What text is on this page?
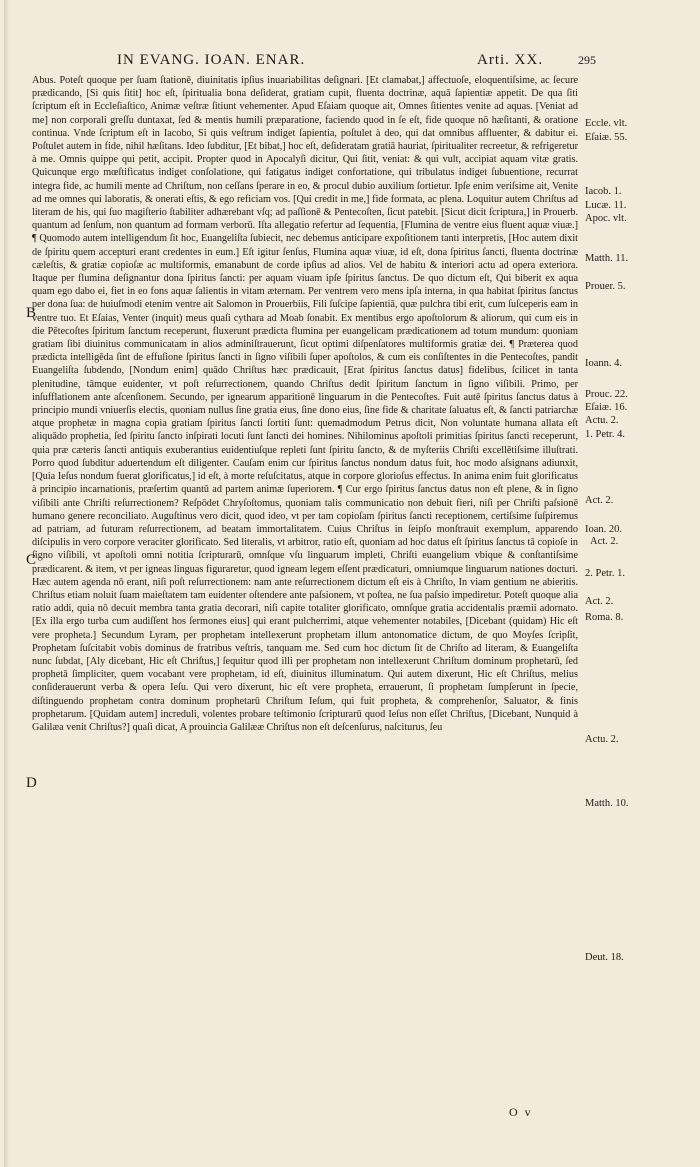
IN EVANG. IOAN. ENAR.	Arti. XX.	295

Abus. Poteſt quoque per ſuam ſtationē, diuinitatis ipſius inuariabilitas deſignari. [Et clamabat,] affectuoſe, eloquentiſsime, ac ſecure prædicando, [Si quis ſitit] hoc eſt, ſpiritualia bona deſiderat, gratiam cupit, fluenta doctrinæ, aquā ſapientiæ appetit. De qua ſiti ſcriptum eſt in Eccleſiaſtico, Animæ veſtræ ſitiunt vehementer. Apud Eſaiam quoque ait, Omnes ſitientes venite ad aquas. [Veniat ad me] non corporali greſſu duntaxat, ſed & mentis humili præparatione, faciendo quod in ſe eſt, fide quoque nō hæſitanti, & oratione continua. Vnde ſcriptum eſt in Iacobo, Si quis veſtrum indiget ſapientia, poſtulet à deo, qui dat omnibus affluenter, & dabitur ei. Poſtulet autem in fide, nihil hæſitans. Ideo ſubditur, [Et bibat,] hoc eſt, deſideratam gratiā hauriat, ſpiritualiter recreetur, & refrigeretur à me. Omnis quippe qui petit, accipit. Propter quod in Apocalyſi dicitur, Qui ſitit, veniat: & qui vult, accipiat aquam vitæ gratis. Quicunque ergo mœſtificatus indiget conſolatione, qui fatigatus indiget confortatione, qui tribulatus indiget ſubuentione, recurrat integra fide, ac humili mente ad Chriſtum, non ceſſans ſperare in eo, & procul dubio auxilium ſortietur. Ipſe enim veriſsime ait, Venite ad me omnes qui laboratis, & onerati eſtis, & ego reficiam vos. [Qui credit in me,] fide formata, ac plena. Loquitur autem Chriſtus ad literam de his, qui ſuo magiſterio ſtabiliter adhærebant vſq; ad paſſionē & Pentecoſten, ſicut patebit. [Sicut dicit ſcriptura,] in Prouerb. quantum ad ſenſum, non quantum ad formam verborū. Iſta allegatio refertur ad ſequentia, [Flumina de ventre eius fluent aquæ viuæ.] ¶ Quomodo autem intelligendum ſit hoc, Euangeliſta ſubiecit, nec debemus anticipare expoſitionem tanti interpretis, [Hoc autem dixit de ſpiritu quem accepturi erant credentes in eum.] Eſt igitur ſenſus, Flumina aquæ viuæ, id eſt, dona ſpiritus ſancti, fluenta doctrinæ cæleſtis, & gratiæ copioſæ ac multiformis, emanabunt de corde ipſius ad alios. Vel de habitu & interiori actu ad opera exteriora. Itaque per flumina deſignantur dona ſpiritus ſancti: per aquam viuam ipſe ſpiritus ſanctus. De quo dictum eſt, Qui biberit ex aqua quam ego dabo ei, fiet in eo fons aquæ ſalientis in vitam æternam. Per ventrem vero mens ipſa interna, in qua habitat ſpiritus ſanctus per dona ſua: de huiuſmodi etenim ventre ait Salomon in Prouerbiis, Fili ſuſcipe ſapientiā, quæ pulchra tibi erit, cum ſuſceperis eam in ventre tuo. Et Eſaias, Venter (inquit) meus quaſi cythara ad Moab ſonabit. Ex mentibus ergo apoſtolorum & aliorum, qui cum eis in die Pētecoſtes ſpiritum ſanctum receperunt, fluxerunt prædicta flumina per euangelicam prædicationem ad totum mundum: quoniam gratiam ſibi diuinitus communicatam in alios adminiſtrauerunt, ſicut optimi diſpenſatores multiformis gratiæ dei. ¶ Præterea quod prædicta intelligēda ſint de effuſione ſpiritus ſancti in ſigno viſibili ſuper apoſtolos, & cum eis conſiſtentes in die Pentecoſtes, pandit Euangeliſta ſubdendo, [Nondum enim] quādo Chriſtus hæc prædicauit, [Erat ſpiritus ſanctus datus] fidelibus, ſcilicet in tanta plenitudine, tāmque euidenter, vt poſt reſurrectionem, quando Chriſtus dedit ſpiritum ſanctum in ſigno viſibili. Primo, per inſufflationem ante aſcenſionem. Secundo, per ignearum apparitionē linguarum in die Pentecoſtes. Fuit autē ſpiritus ſanctus datus à principio mundi vniuerſis electis, quoniam nullus ſine gratia eius, ſine dono eius, ſine fide & charitate ſaluatus eſt, & ſancti patriarchæ atque prophetæ in magna copia gratiam ſpiritus ſancti ſortiti ſunt: quemadmodum Petrus dicit, Non voluntate humana allata eſt aliquādo prophetia, ſed ſpiritu ſancto inſpirati locuti ſunt ſancti dei homines. Nihilominus apoſtoli primitias ſpiritus ſancti receperunt, quia præ cæteris ſancti antiquis exuberantius euidentiuſque repleti ſunt ſpiritu ſancto, & de myſteriis Chriſti excellētiſsime illuſtrati. Porro quod ſubditur aduertendum eſt diligenter. Cauſam enim cur ſpiritus ſanctus nondum datus fuit, hoc modo aſsignans adiunxit, [Quia Ieſus nondum fuerat glorificatus,] id eſt, à morte reſuſcitatus, atque in corpore glorioſus effectus. In anima enim fuit glorificatus à principio incarnationis, præſertim quantū ad partem animæ ſuperiorem. ¶ Cur ergo ſpiritus ſanctus datus non eſt plene, & in ſigno viſibili ante Chriſti reſurrectionem? Reſpōdet Chryſoſtomus, quoniam talis communicatio non debuit fieri, niſi per Chriſti paſsionē humano genere reconciliato. Auguſtinus vero dicit, quod ideo, vt per tam copioſam ſpiritus ſancti receptionem, certiſsime ſuſpiremus ad patriam, ad futuram reſurrectionem, ad beatam immortalitatem. Cuius Chriſtus in ſeipſo monſtrauit exemplum, apparendo diſcipulis in vero corpore veraciter glorificato. Sed literalis, vt arbitror, ratio eſt, quoniam ad hoc datus eſt ſpiritus ſanctus tā copioſe in ſigno viſibili, vt apoſtoli omni notitia ſcripturarū, omnſque vſu linguarum impleti, Chriſti euangelium vbique & conſtantiſsime prædicarent. & item, vt per igneas linguas figuraretur, quod igneam legem eſſent prædicaturi, omniumque linguarum nationes docturi. Hæc autem agenda nō erant, niſi poſt reſurrectionem: nam ante reſurrectionem dictum eſt eis à Chriſto, In viam gentium ne abieritis. Chriſtus etiam noluit ſuam maieſtatem tam euidenter oſtendere ante paſsionem, vt poſtea, ne ſua paſsio impediretur. Poteſt quoque alia ratio addi, quia nō decuit membra tanta gratia decorari, niſi capite totaliter glorificato, omnſque gratia accidentalis præmii adornato. [Ex illa ergo turba cum audiſſent hos ſermones eius] qui erant pulcherrimi, atque vehementer notabiles, [Dicebant (quidam) Hic eſt vere propheta.] Secundum Lyram, per prophetam intellexerunt prophetam illum antonomatice dictum, de quo Moyſes ſcripſit, Prophetam ſuſcitabit vobis dominus de fratribus veſtris, tanquam me. Sed cum hoc dictum ſit de Chriſto ad literam, & Euangeliſta nunc ſubdat, [Aly dicebant, Hic eſt Chriſtus,] ſequitur quod illi per prophetam non intellexerunt Chriſtum dominum prophetarū, ſed prophetā ſimpliciter, quem vocabant vere prophetam, id eſt, diuinitus illuminatum. Qui autem dixerunt, Hic eſt Chriſtus, melius conſiderauerunt verba & opera Ieſu. Qui vero dixerunt, hic eſt vere propheta, errauerunt, ſi prophetam ſumpſerunt in ſpecie, diſtinguendo prophetam contra dominum prophetarū Chriſtum Ieſum, qui fuit propheta, & comprehenſor, Saluator, & finis prophetarum. [Quidam autem] increduli, volentes probare teſtimonio ſcripturarū quod Ieſus non eſſet Chriſtus, [Dicebant, Nunquid à Galilæa venit Chriſtus?] quaſi dicat, A prouincia Galilææ Chriſtus non eſt deſcenſurus, naſciturus, ſeu

B
C
D
Eccle. vlt.
Eſaiæ. 55.
Iacob. 1.
Lucæ. 11.
Apoc. vlt.
Matth. 11.
Prouer. 5.
Ioann. 4.
Prouc. 22.
Eſaiæ. 16.
Actu. 2.
1. Petr. 4.
Act. 2.
Ioan. 20.
Act. 2.
2. Petr. 1.
Act. 2.
Roma. 8.
Actu. 2.
Matth. 10.
Deut. 18.
O v
